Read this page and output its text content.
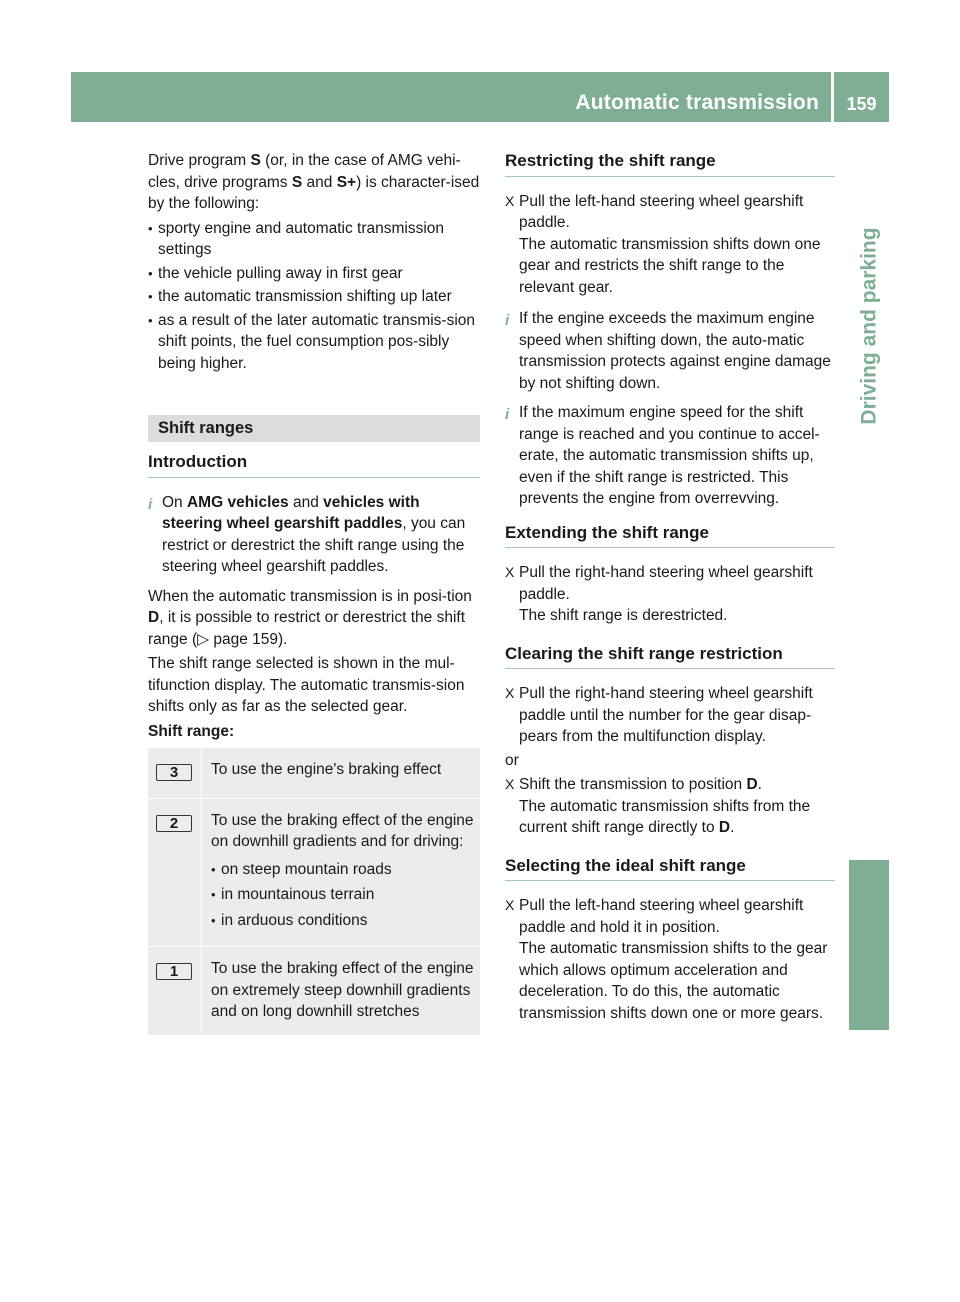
Automatic transmission	159
Driving and parking

Drive program S (or, in the case of AMG vehi-cles, drive programs S and S+) is character-ised by the following:

• sporty engine and automatic transmission settings
• the vehicle pulling away in first gear
• the automatic transmission shifting up later
• as a result of the later automatic transmis-sion shift points, the fuel consumption pos-sibly being higher.
Shift ranges
Introduction
i On AMG vehicles and vehicles with steering wheel gearshift paddles, you can restrict or derestrict the shift range using the steering wheel gearshift paddles.

When the automatic transmission is in posi-tion D, it is possible to restrict or derestrict the shift range (▷ page 159).

The shift range selected is shown in the mul-tifunction display. The automatic transmis-sion shifts only as far as the selected gear.

Shift range:

3	To use the engine's braking effect
2	To use the braking effect of the engine on downhill gradients and for driving:

• on steep mountain roads
• in mountainous terrain
• in arduous conditions
1	To use the braking effect of the engine on extremely steep downhill gradients and on long downhill stretches
Restricting the shift range
X Pull the left-hand steering wheel gearshift paddle.
The automatic transmission shifts down one gear and restricts the shift range to the relevant gear.
i If the engine exceeds the maximum engine speed when shifting down, the auto-matic transmission protects against engine damage by not shifting down.
i If the maximum engine speed for the shift range is reached and you continue to accel-erate, the automatic transmission shifts up, even if the shift range is restricted. This prevents the engine from overrevving.
Extending the shift range
X Pull the right-hand steering wheel gearshift paddle.
The shift range is derestricted.
Clearing the shift range restriction
X Pull the right-hand steering wheel gearshift paddle until the number for the gear disap-pears from the multifunction display.

or

X Shift the transmission to position D.
The automatic transmission shifts from the current shift range directly to D.
Selecting the ideal shift range
X Pull the left-hand steering wheel gearshift paddle and hold it in position.
The automatic transmission shifts to the gear which allows optimum acceleration and deceleration. To do this, the automatic transmission shifts down one or more gears.
